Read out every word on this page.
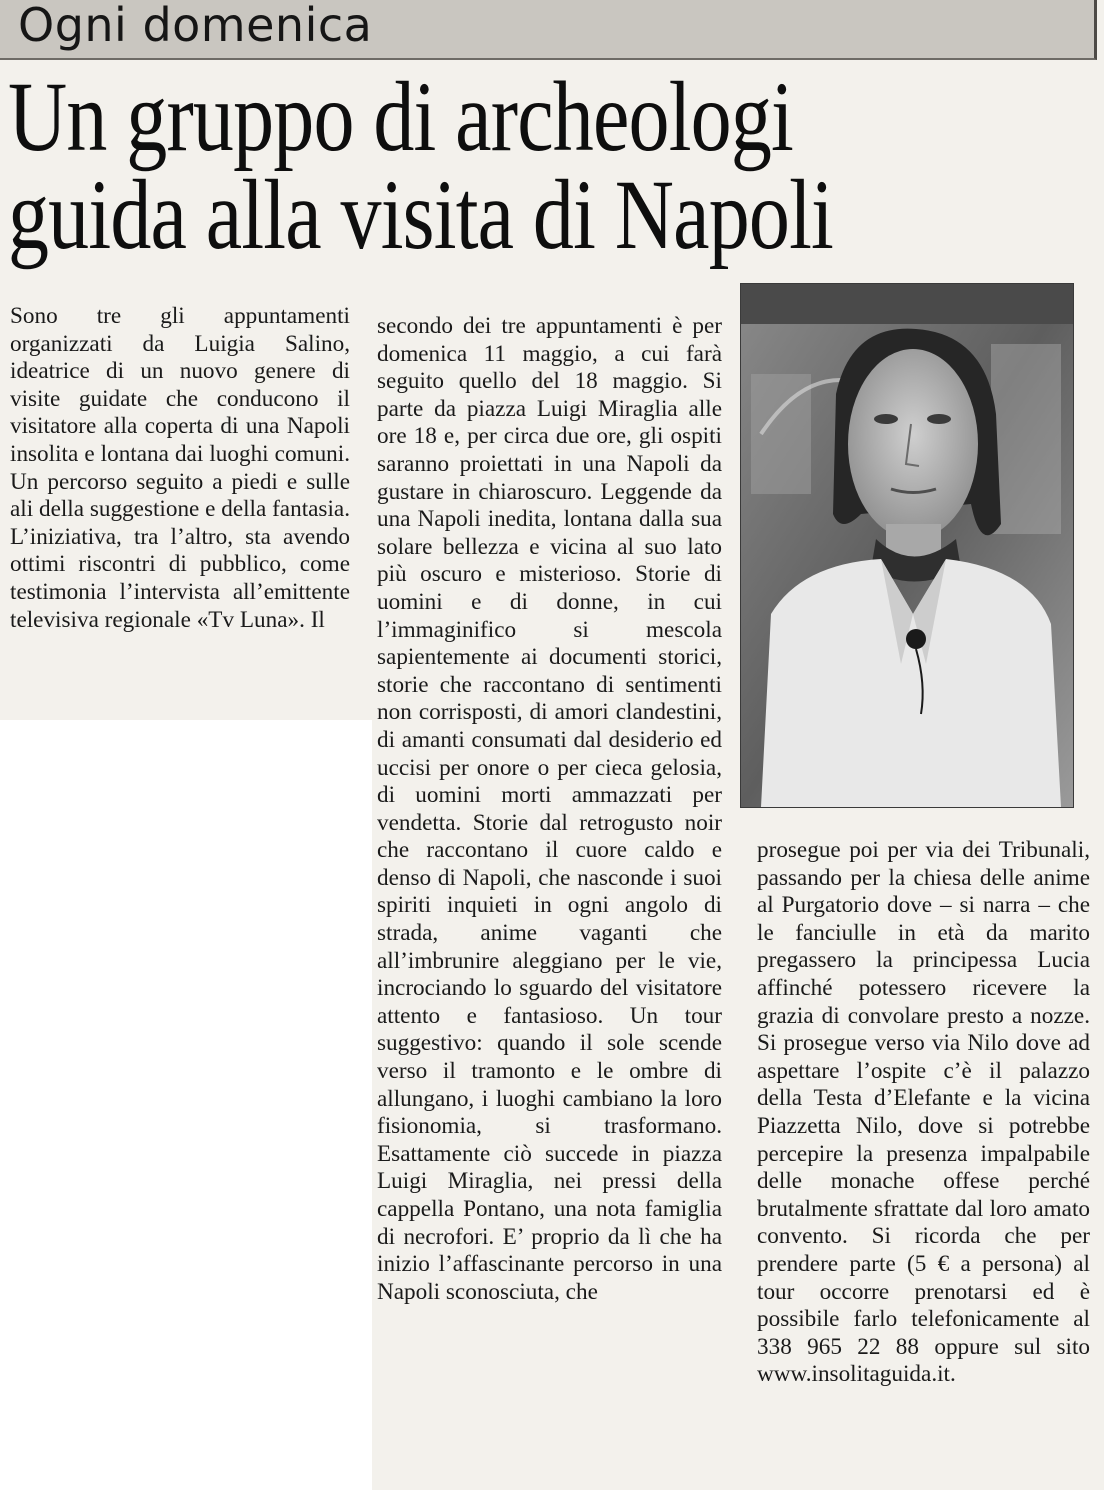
Ogni domenica
Un gruppo di archeologi
guida alla visita di Napoli
Sono tre gli appuntamenti organizzati da Luigia Salino, ideatrice di un nuovo genere di visite guidate che conducono il visitatore alla coperta di una Napoli insolita e lontana dai luoghi comuni. Un percorso seguito a piedi e sulle ali della suggestione e della fantasia. L’iniziativa, tra l’altro, sta avendo ottimi riscontri di pubblico, come testimonia l’intervista all’emittente televisiva regionale «Tv Luna». Il
secondo dei tre appuntamenti è per domenica 11 maggio, a cui farà seguito quello del 18 maggio. Si parte da piazza Luigi Miraglia alle ore 18 e, per circa due ore, gli ospiti saranno proiettati in una Napoli da gustare in chiaroscuro. Leggende da una Napoli inedita, lontana dalla sua solare bellezza e vicina al suo lato più oscuro e misterioso. Storie di uomini e di donne, in cui l’immaginifico si mescola sapientemente ai documenti storici, storie che raccontano di sentimenti non corrisposti, di amori clandestini, di amanti consumati dal desiderio ed uccisi per onore o per cieca gelosia, di uomini morti ammazzati per vendetta. Storie dal retrogusto noir che raccontano il cuore caldo e denso di Napoli, che nasconde i suoi spiriti inquieti in ogni angolo di strada, anime vaganti che all’imbrunire aleggiano per le vie, incrociando lo sguardo del visitatore attento e fantasioso. Un tour suggestivo: quando il sole scende verso il tramonto e le ombre di allungano, i luoghi cambiano la loro fisionomia, si trasformano. Esattamente ciò succede in piazza Luigi Miraglia, nei pressi della cappella Pontano, una nota famiglia di necrofori. E’ proprio da lì che ha inizio l’affascinante percorso in una Napoli sconosciuta, che
prosegue poi per via dei Tribunali, passando per la chiesa delle anime al Purgatorio dove – si narra – che le fanciulle in età da marito pregassero la principessa Lucia affinché potessero ricevere la grazia di convolare presto a nozze. Si prosegue verso via Nilo dove ad aspettare l’ospite c’è il palazzo della Testa d’Elefante e la vicina Piazzetta Nilo, dove si potrebbe percepire la presenza impalpabile delle monache offese perché brutalmente sfrattate dal loro amato convento. Si ricorda che per prendere parte (5 € a persona) al tour occorre prenotarsi ed è possibile farlo telefonicamente al 338 965 22 88 oppure sul sito www.insolitaguida.it.
